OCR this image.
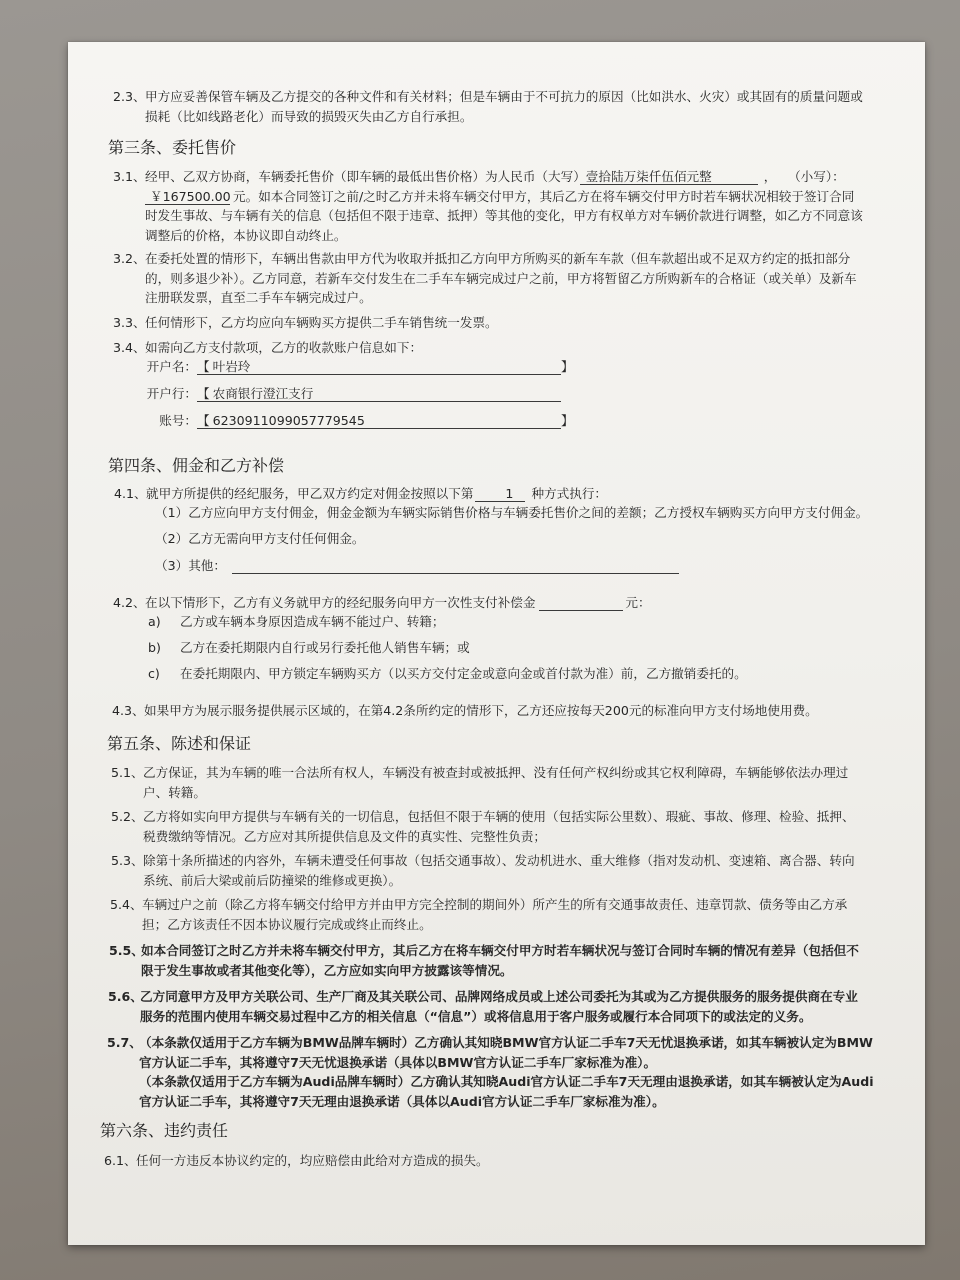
2.3、 甲方应妥善保管车辆及乙方提交的各种文件和有关材料；但是车辆由于不可抗力的原因（比如洪水、火灾）或其固有的质量问题或
损耗（比如线路老化）而导致的损毁灭失由乙方自行承担。
第三条、委托售价
3.1、 经甲、乙双方协商，车辆委托售价（即车辆的最低出售价格）为人民币（大写）壹拾陆万柒仟伍佰元整	， （小写）：
￥167500.00 元。如本合同签订之前/之时乙方并未将车辆交付甲方，其后乙方在将车辆交付甲方时若车辆状况相较于签订合同
时发生事故、与车辆有关的信息（包括但不限于违章、抵押）等其他的变化，甲方有权单方对车辆价款进行调整，如乙方不同意该
调整后的价格，本协议即自动终止。
3.2、 在委托处置的情形下，车辆出售款由甲方代为收取并抵扣乙方向甲方所购买的新车车款（但车款超出或不足双方约定的抵扣部分
的，则多退少补）。乙方同意，若新车交付发生在二手车车辆完成过户之前，甲方将暂留乙方所购新车的合格证（或关单）及新车
注册联发票，直至二手车车辆完成过户。
3.3、 任何情形下，乙方均应向车辆购买方提供二手车销售统一发票。
3.4、 如需向乙方支付款项，乙方的收款账户信息如下：
开户名：【 叶岩玲	】
开户行：【 农商银行澄江支行
账号：【 6230911099057779545	】
第四条、佣金和乙方补偿
4.1、 就甲方所提供的经纪服务，甲乙双方约定对佣金按照以下第	1 种方式执行：
（1）乙方应向甲方支付佣金，佣金金额为车辆实际销售价格与车辆委托售价之间的差额；乙方授权车辆购买方向甲方支付佣金。
（2）乙方无需向甲方支付任何佣金。
（3）其他：
4.2、 在以下情形下，乙方有义务就甲方的经纪服务向甲方一次性支付补偿金	元：
a) 乙方或车辆本身原因造成车辆不能过户、转籍；
b) 乙方在委托期限内自行或另行委托他人销售车辆；或
c) 在委托期限内、甲方锁定车辆购买方（以买方交付定金或意向金或首付款为准）前，乙方撤销委托的。
4.3、 如果甲方为展示服务提供展示区域的，在第4.2条所约定的情形下，乙方还应按每天200元的标准向甲方支付场地使用费。
第五条、陈述和保证
5.1、 乙方保证，其为车辆的唯一合法所有权人，车辆没有被查封或被抵押、没有任何产权纠纷或其它权利障碍，车辆能够依法办理过
户、转籍。
5.2、 乙方将如实向甲方提供与车辆有关的一切信息，包括但不限于车辆的使用（包括实际公里数）、瑕疵、事故、修理、检验、抵押、
税费缴纳等情况。乙方应对其所提供信息及文件的真实性、完整性负责；
5.3、 除第十条所描述的内容外，车辆未遭受任何事故（包括交通事故）、发动机进水、重大维修（指对发动机、变速箱、离合器、转向
系统、前后大梁或前后防撞梁的维修或更换）。
5.4、 车辆过户之前（除乙方将车辆交付给甲方并由甲方完全控制的期间外）所产生的所有交通事故责任、违章罚款、债务等由乙方承
担；乙方该责任不因本协议履行完成或终止而终止。
5.5、
如本合同签订之时乙方并未将车辆交付甲方，其后乙方在将车辆交付甲方时若车辆状况与签订合同时车辆的情况有差异（包括但不
限于发生事故或者其他变化等），乙方应如实向甲方披露该等情况。
5.6、
乙方同意甲方及甲方关联公司、生产厂商及其关联公司、品牌网络成员或上述公司委托为其或为乙方提供服务的服务提供商在专业
服务的范围内使用车辆交易过程中乙方的相关信息（“信息”）或将信息用于客户服务或履行本合同项下的或法定的义务。
5.7、
（本条款仅适用于乙方车辆为BMW品牌车辆时）乙方确认其知晓BMW官方认证二手车7天无忧退换承诺，如其车辆被认定为BMW
官方认证二手车，其将遵守7天无忧退换承诺（具体以BMW官方认证二手车厂家标准为准）。
（本条款仅适用于乙方车辆为Audi品牌车辆时）乙方确认其知晓Audi官方认证二手车7天无理由退换承诺，如其车辆被认定为Audi
官方认证二手车，其将遵守7天无理由退换承诺（具体以Audi官方认证二手车厂家标准为准）。
第六条、违约责任
6.1、 任何一方违反本协议约定的，均应赔偿由此给对方造成的损失。
